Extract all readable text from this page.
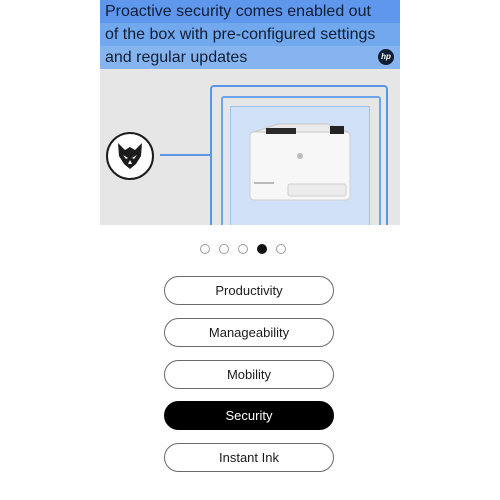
Proactive security comes enabled out
of the box with pre-configured settings
and regular updates	hp
Productivity
Manageability
Mobility
Security
Instant Ink
